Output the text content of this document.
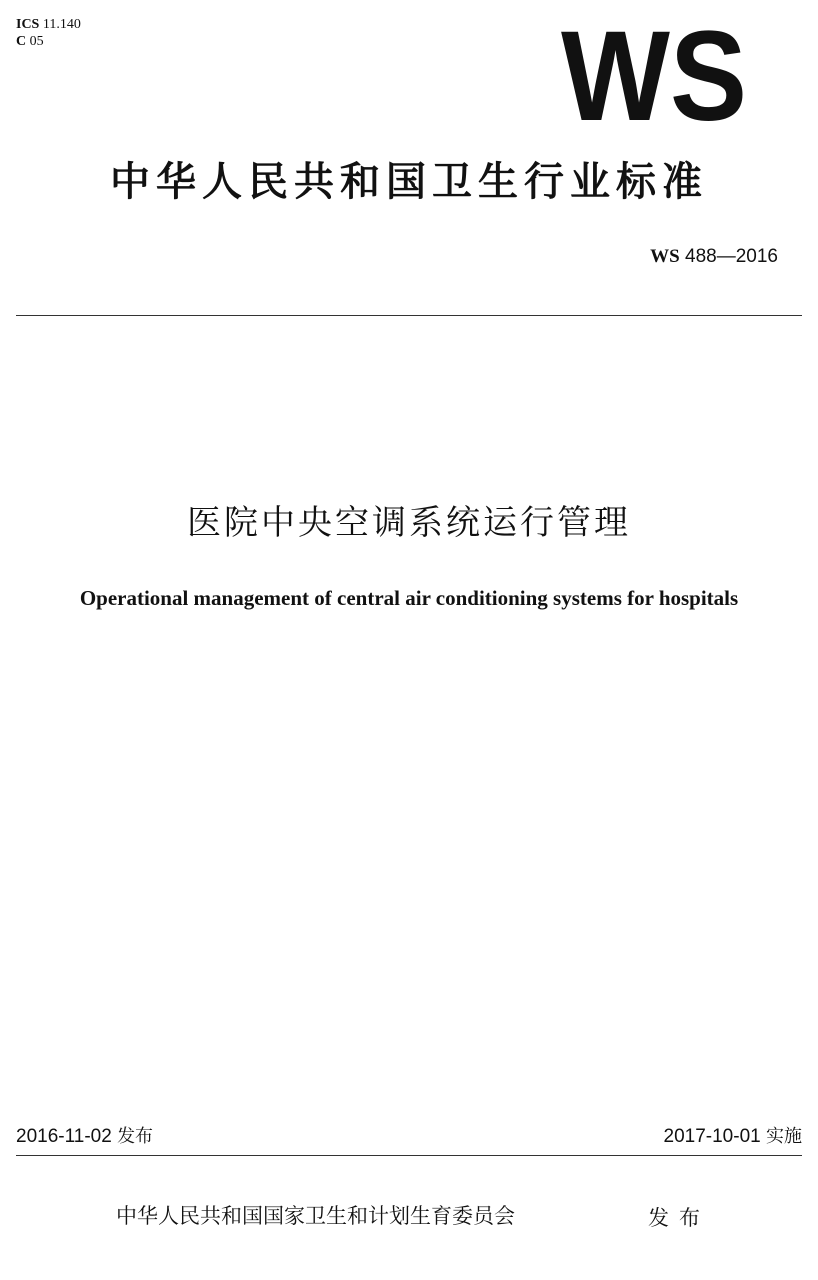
ICS 11.140
C 05	WS
中华人民共和国卫生行业标准
WS 488—2016
医院中央空调系统运行管理
Operational management of central air conditioning systems for hospitals
2016-11-02 发布	2017-10-01 实施
中华人民共和国国家卫生和计划生育委员会	发布
